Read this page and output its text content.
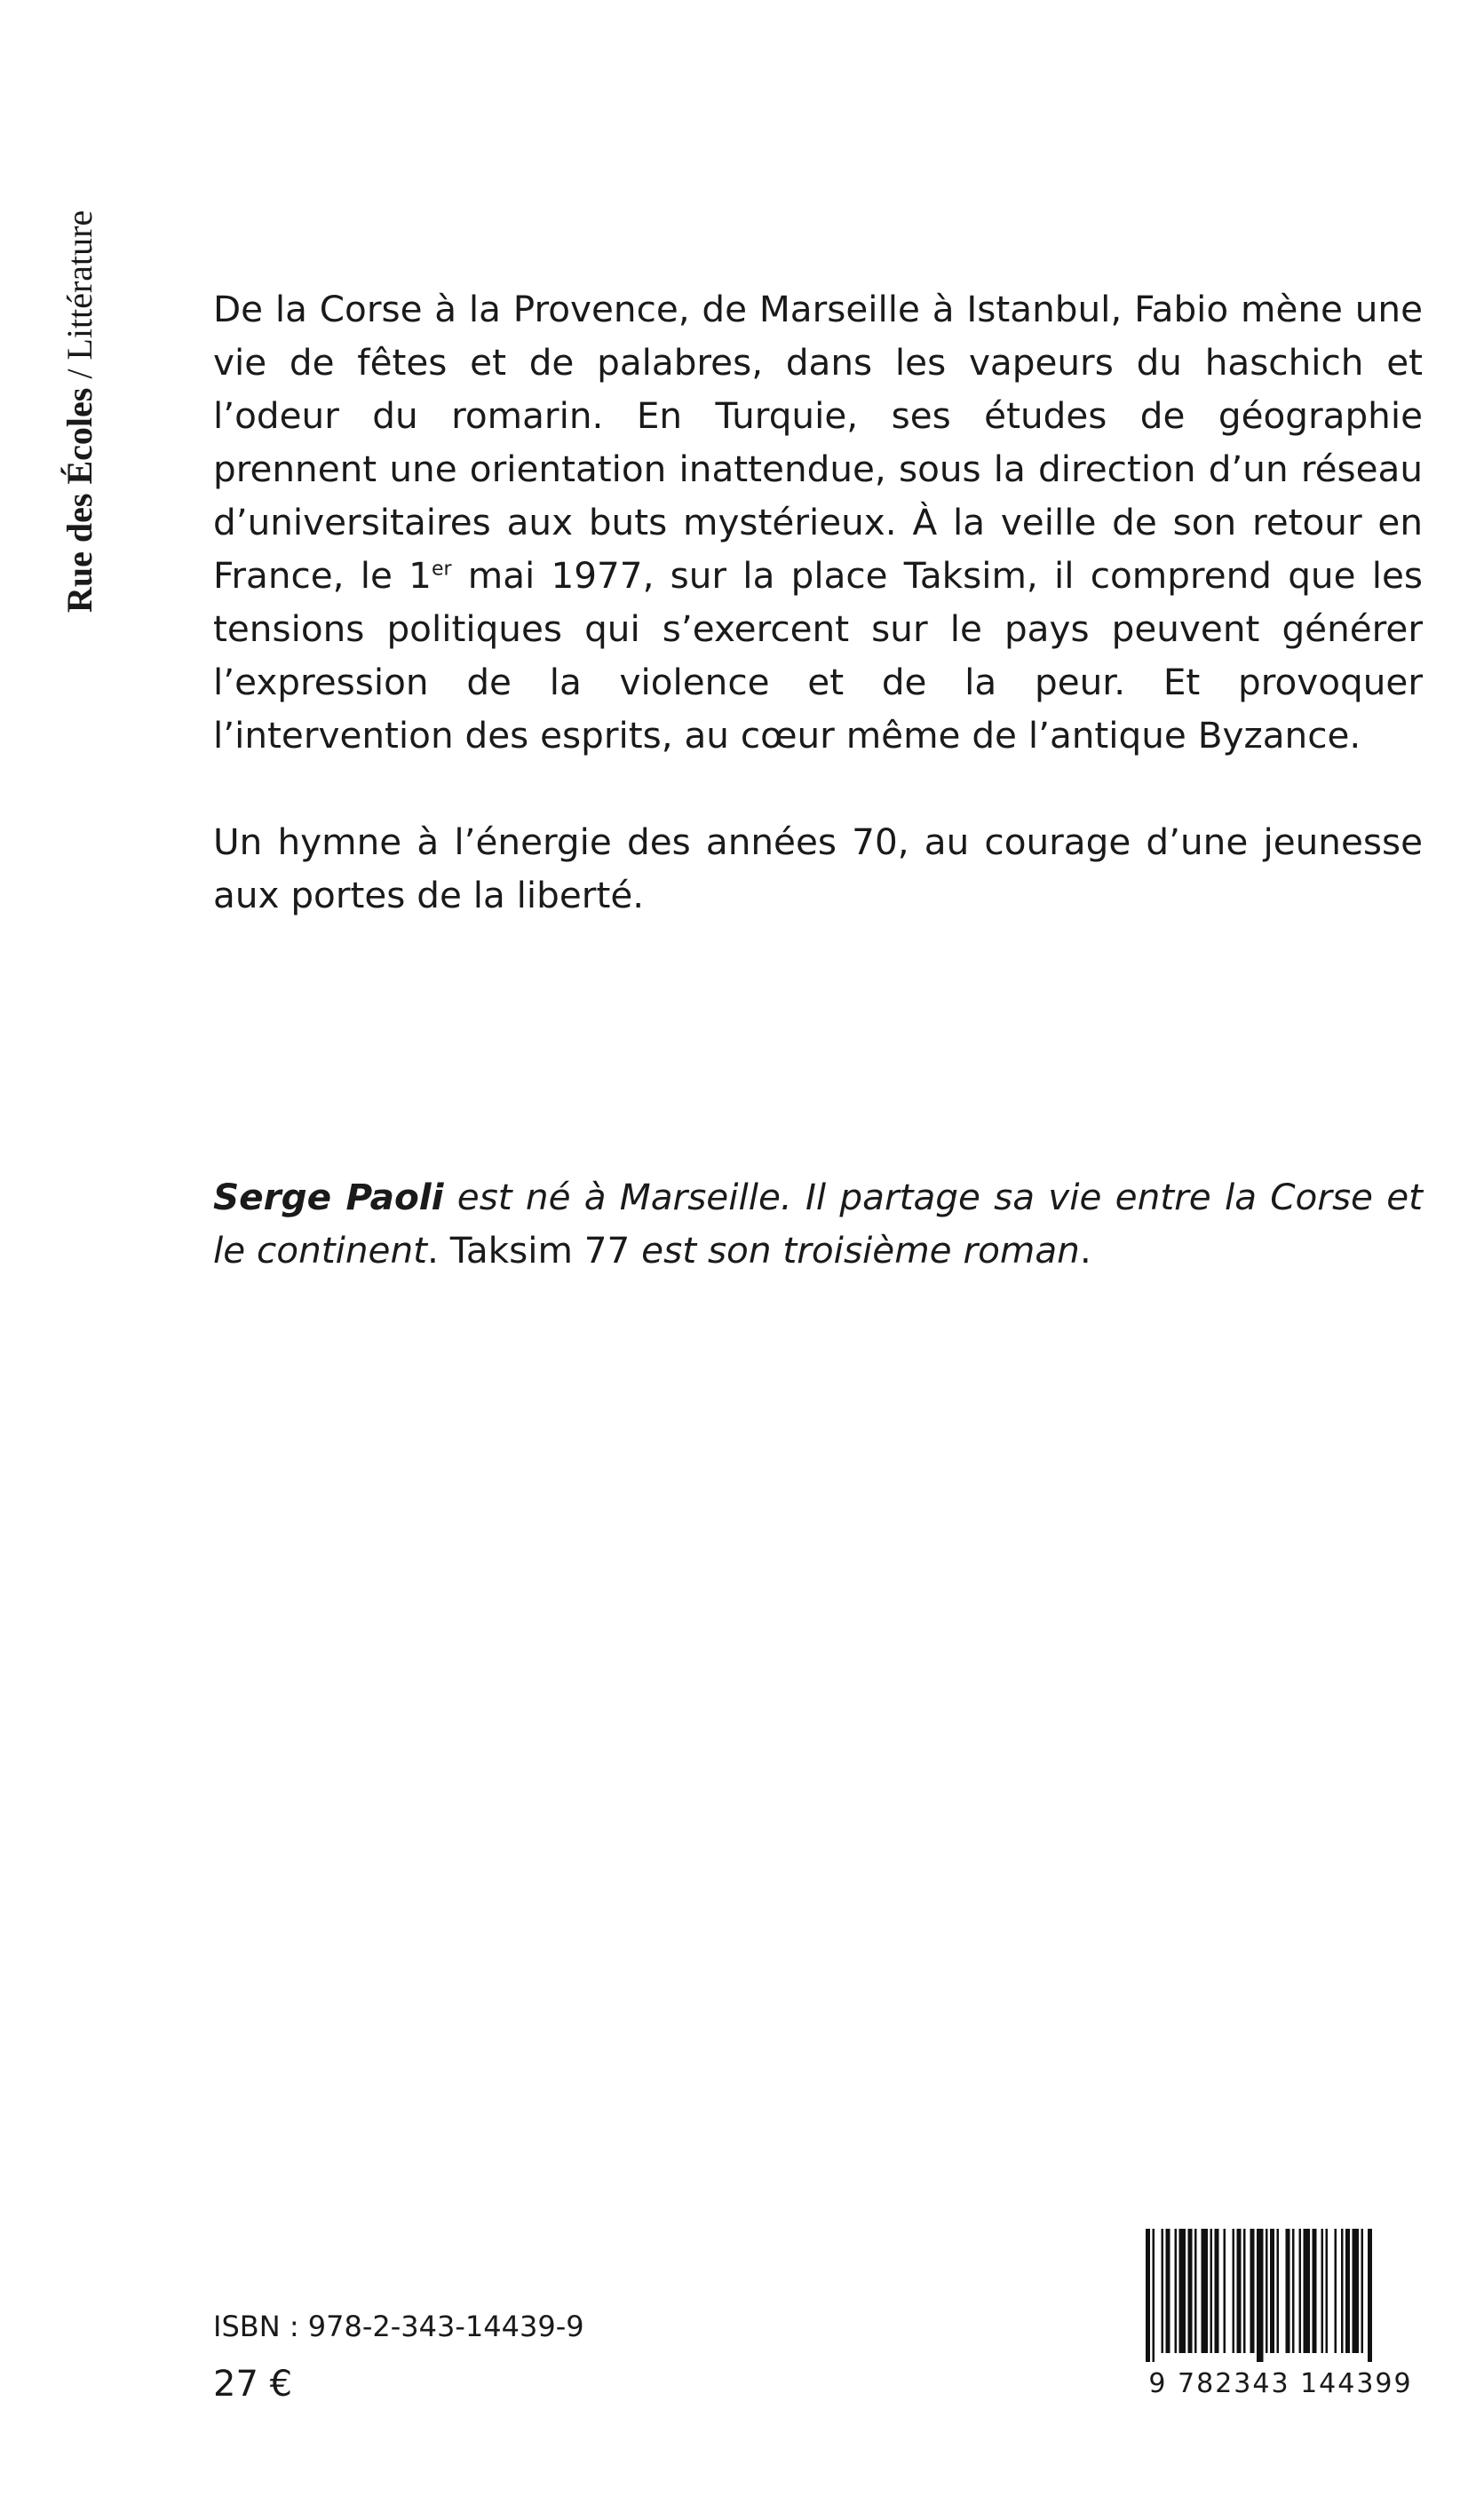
Rue des Écoles
/
Littérature	De la Corse à la Provence, de Marseille à Istanbul, Fabio mène une vie de fêtes et de palabres, dans les vapeurs du haschich et l’odeur du romarin. En Turquie, ses études de géographie prennent une orientation inattendue, sous la direction d’un réseau d’universitaires aux buts mystérieux. À la veille de son retour en France, le 1er mai 1977, sur la place Taksim, il comprend que les tensions politiques qui s’exercent sur le pays peuvent générer l’expression de la violence et de la peur. Et provoquer l’intervention des esprits, au cœur même de l’antique Byzance.

Un hymne à l’énergie des années 70, au courage d’une jeunesse aux portes de la liberté.

Serge Paoli est né à Marseille. Il partage sa vie entre la Corse et le continent. Taksim 77 est son troisième roman.

ISBN : 978-2-343-14439-9
27 €	9 782343 144399
